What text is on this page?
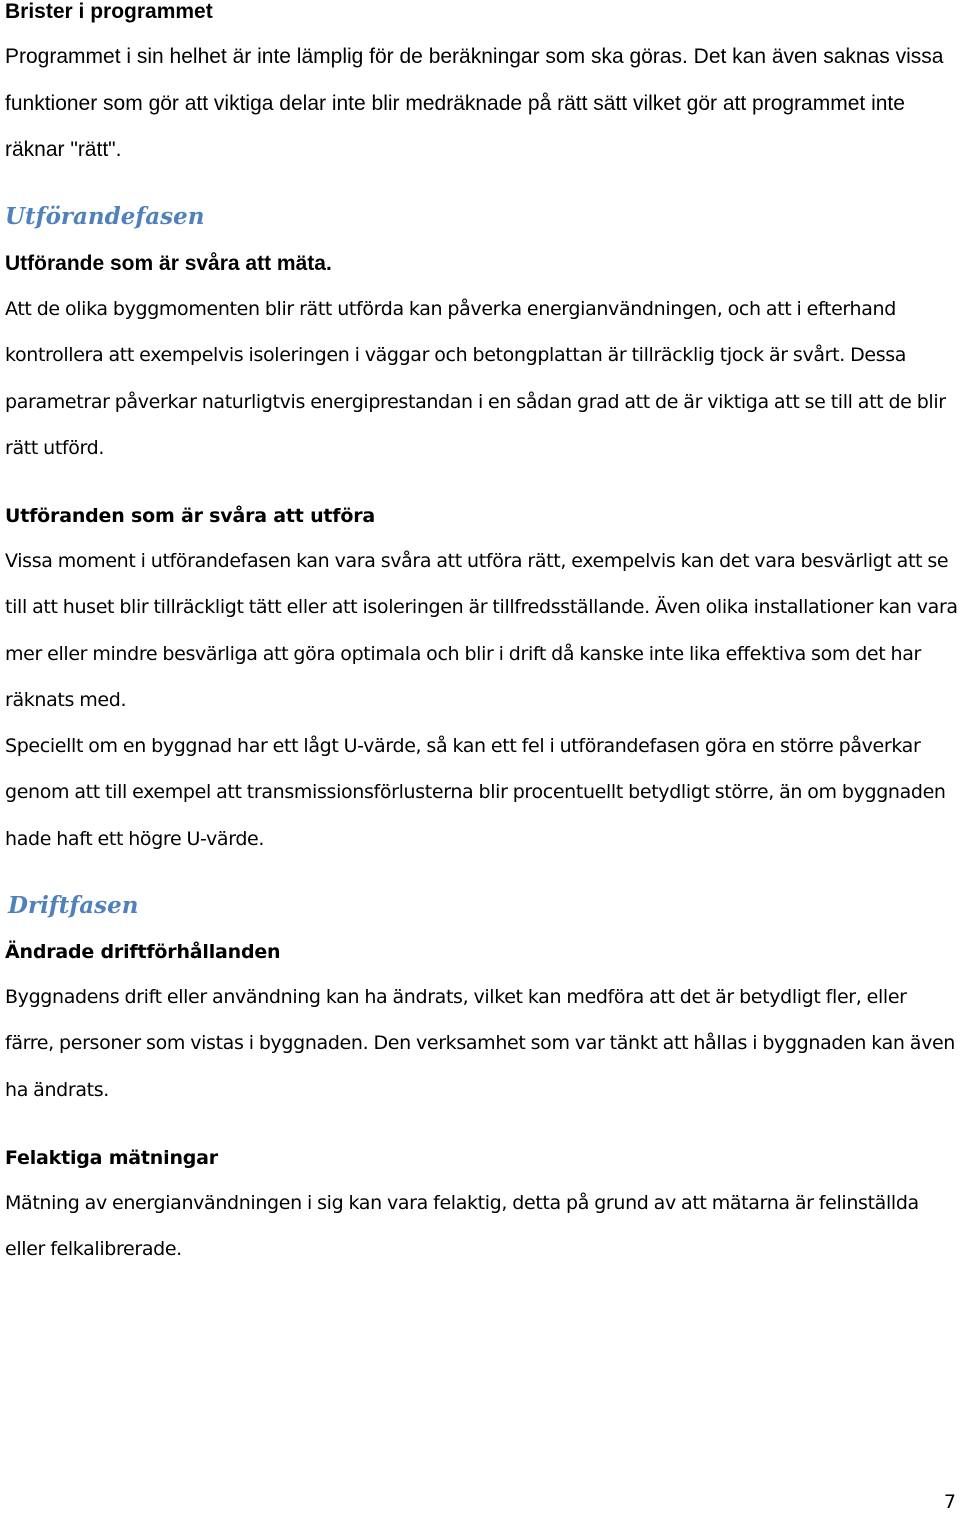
Brister i programmet

Programmet i sin helhet är inte lämplig för de beräkningar som ska göras. Det kan även saknas vissa funktioner som gör att viktiga delar inte blir medräknade på rätt sätt vilket gör att programmet inte räknar "rätt".

Utförandefasen
Utförande som är svåra att mäta.

Att de olika byggmomenten blir rätt utförda kan påverka energianvändningen, och att i efterhand kontrollera att exempelvis isoleringen i väggar och betongplattan är tillräcklig tjock är svårt. Dessa parametrar påverkar naturligtvis energiprestandan i en sådan grad att de är viktiga att se till att de blir rätt utförd.

Utföranden som är svåra att utföra

Vissa moment i utförandefasen kan vara svåra att utföra rätt, exempelvis kan det vara besvärligt att se till att huset blir tillräckligt tätt eller att isoleringen är tillfredsställande. Även olika installationer kan vara mer eller mindre besvärliga att göra optimala och blir i drift då kanske inte lika effektiva som det har räknats med.

Speciellt om en byggnad har ett lågt U-värde, så kan ett fel i utförandefasen göra en större påverkar genom att till exempel att transmissionsförlusterna blir procentuellt betydligt större, än om byggnaden hade haft ett högre U-värde.

Driftfasen
Ändrade driftförhållanden

Byggnadens drift eller användning kan ha ändrats, vilket kan medföra att det är betydligt fler, eller färre, personer som vistas i byggnaden. Den verksamhet som var tänkt att hållas i byggnaden kan även ha ändrats.

Felaktiga mätningar

Mätning av energianvändningen i sig kan vara felaktig, detta på grund av att mätarna är felinställda eller felkalibrerade.

7
